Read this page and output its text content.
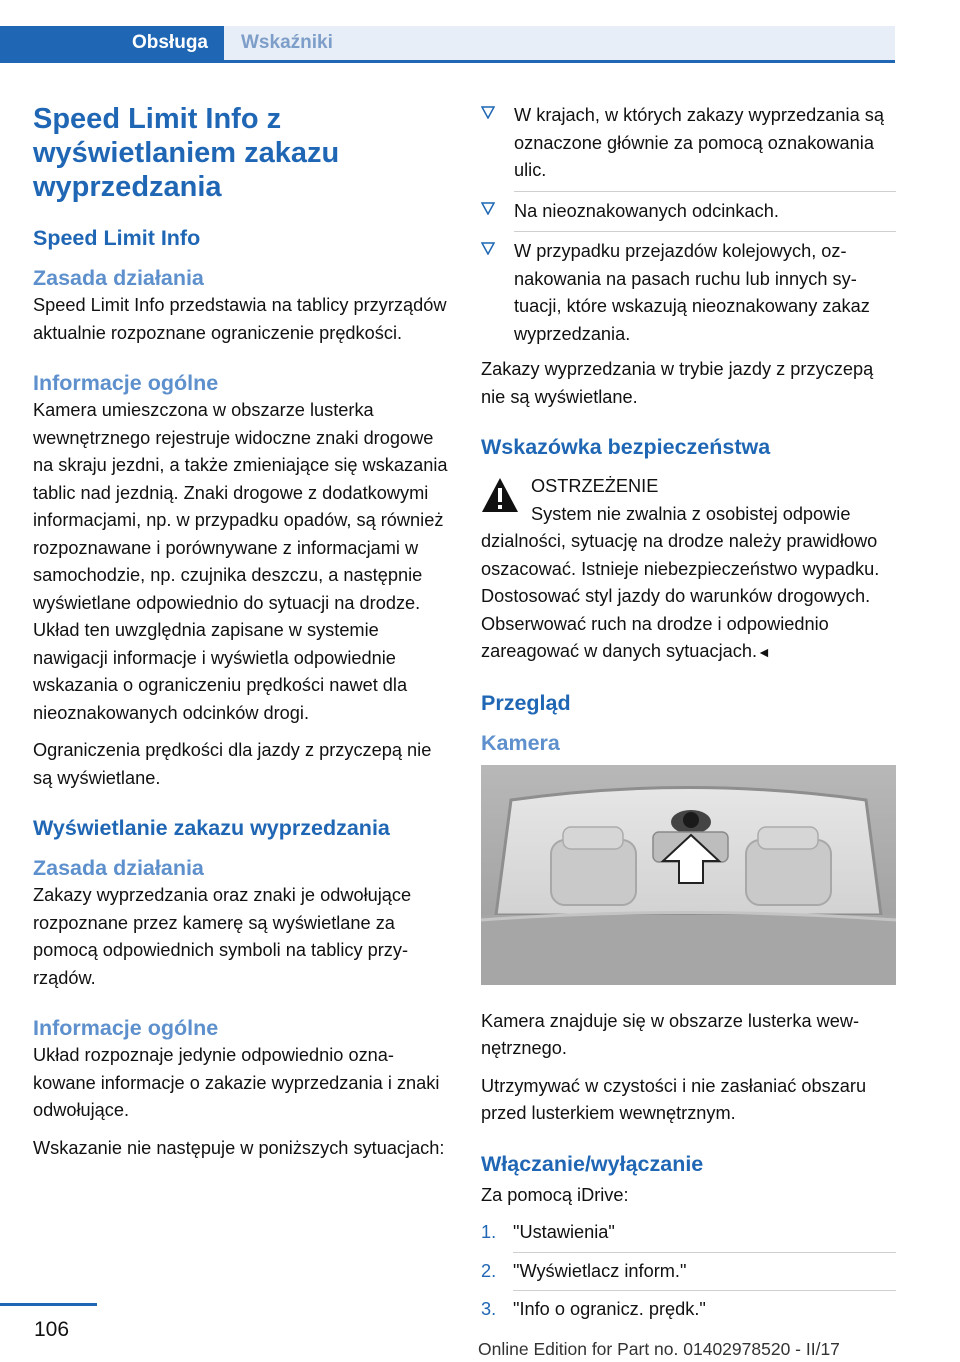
Obsługa	Wskaźniki
Speed Limit Info z wyświetlaniem zakazu wyprzedzania
Speed Limit Info
Zasada działania

Speed Limit Info przedstawia na tablicy przyrządów aktualnie rozpoznane ograniczenie prędkości.

Informacje ogólne

Kamera umieszczona w obszarze lusterka wewnętrznego rejestruje widoczne znaki drogowe na skraju jezdni, a także zmieniające się wskazania tablic nad jezdnią. Znaki drogowe z dodatkowymi informacjami, np. w przypadku opadów, są również rozpoznawane i porównywane z informacjami w samochodzie, np. czujnika deszczu, a następnie wyświetlane odpowiednio do sytuacji na drodze. Układ ten uwzględnia zapisane w systemie nawigacji informacje i wyświetla odpowiednie wskazania o ograniczeniu prędkości nawet dla nieoznakowanych odcinków drogi.

Ograniczenia prędkości dla jazdy z przyczepą nie są wyświetlane.

Wyświetlanie zakazu wyprzedzania
Zasada działania

Zakazy wyprzedzania oraz znaki je odwołujące rozpoznane przez kamerę są wyświetlane za pomocą odpowiednich symboli na tablicy przyrządów.

Informacje ogólne

Układ rozpoznaje jedynie odpowiednio oznakowane informacje o zakazie wyprzedzania i znaki odwołujące.

Wskazanie nie następuje w poniższych sytuacjach:

W krajach, w których zakazy wyprzedzania są oznaczone głównie za pomocą oznakowania ulic.
Na nieoznakowanych odcinkach.
W przypadku przejazdów kolejowych, oznakowania na pasach ruchu lub innych sytuacji, które wskazują nieoznakowany zakaz wyprzedzania.

Zakazy wyprzedzania w trybie jazdy z przyczepą nie są wyświetlane.

Wskazówka bezpieczeństwa

OSTRZEŻENIE

System nie zwalnia z osobistej odpowie
dzialności, sytuację na drodze należy prawidłowo oszacować. Istnieje niebezpieczeństwo wypadku. Dostosować styl jazdy do warunków drogowych. Obserwować ruch na drodze i odpowiednio zareagować w danych sytuacjach.◄

Przegląd
Kamera

Kamera znajduje się w obszarze lusterka wewnętrznego.

Utrzymywać w czystości i nie zasłaniać obszaru przed lusterkiem wewnętrznym.

Włączanie/wyłączanie

Za pomocą iDrive:

1. "Ustawienia"
2. "Wyświetlacz inform."
3. "Info o ogranicz. prędk."
106
Online Edition for Part no. 01402978520 - II/17
